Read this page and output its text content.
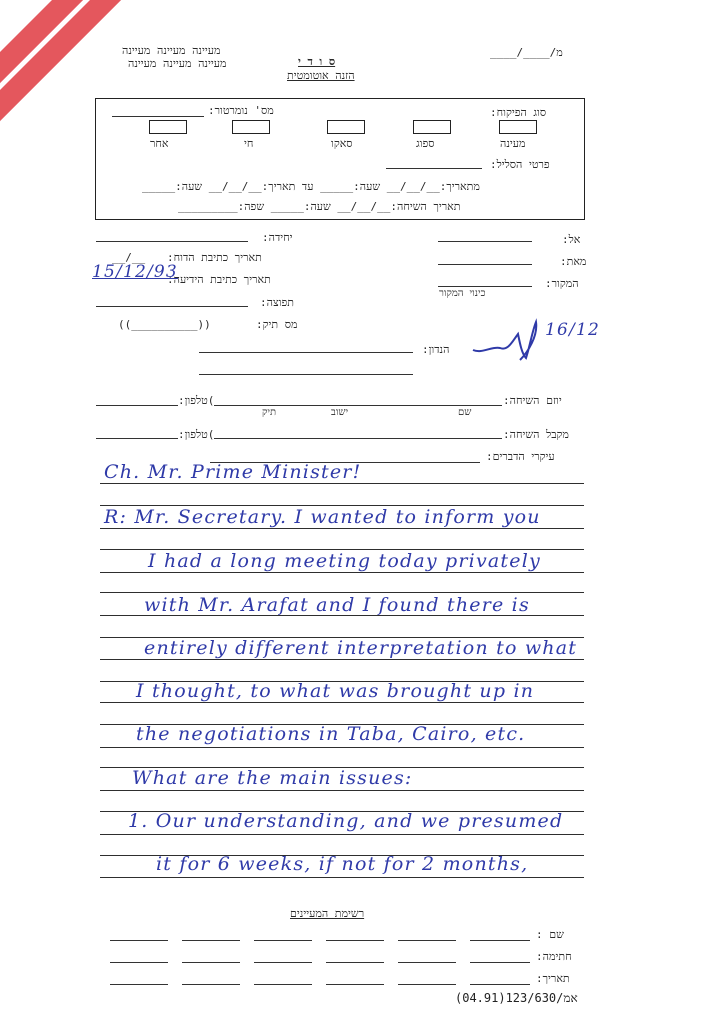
מעיינה מעיינה מעיינה
מעיינה מעיינה מעיינה	ס ו ד י
הזנה אוטומטית
מ/____/____
סוג הפיקוח:
מס' נומרטור:
מעינה
ספוג
סאקו
חי
אחר
פרטי הסליל:
מתאריך:__/__/__ שעה:_____ עד תאריך:__/__/__ שעה:_____
תאריך השיחה:__/__/__ שעה:_____ שפה:_________
אל:
יחידה:
מאת:
תאריך כתיבת הדוח:
__/__
המקור:
כינוי המקור
תאריך כתיבת הידיעה:
15/12/93
תפוצה:
מס תיק:
((__________))	16/12
הנדון:
יוזם השיחה:
)טלפון:
שם
ישוב
תיק
מקבל השיחה:
)טלפון:
עיקרי הדברים:
Ch. Mr. Prime Minister!
R: Mr. Secretary. I wanted to inform you
I had a long meeting today privately
with Mr. Arafat and I found there is
entirely different interpretation to what
I thought, to what was brought up in
the negotiations in Taba, Cairo, etc.
What are the main issues:
1. Our understanding, and we presumed
it for 6 weeks, if not for 2 months,
רשימת המעיינים
שם :
חתימה:
תאריך:
(04.91)123/אמ/630
